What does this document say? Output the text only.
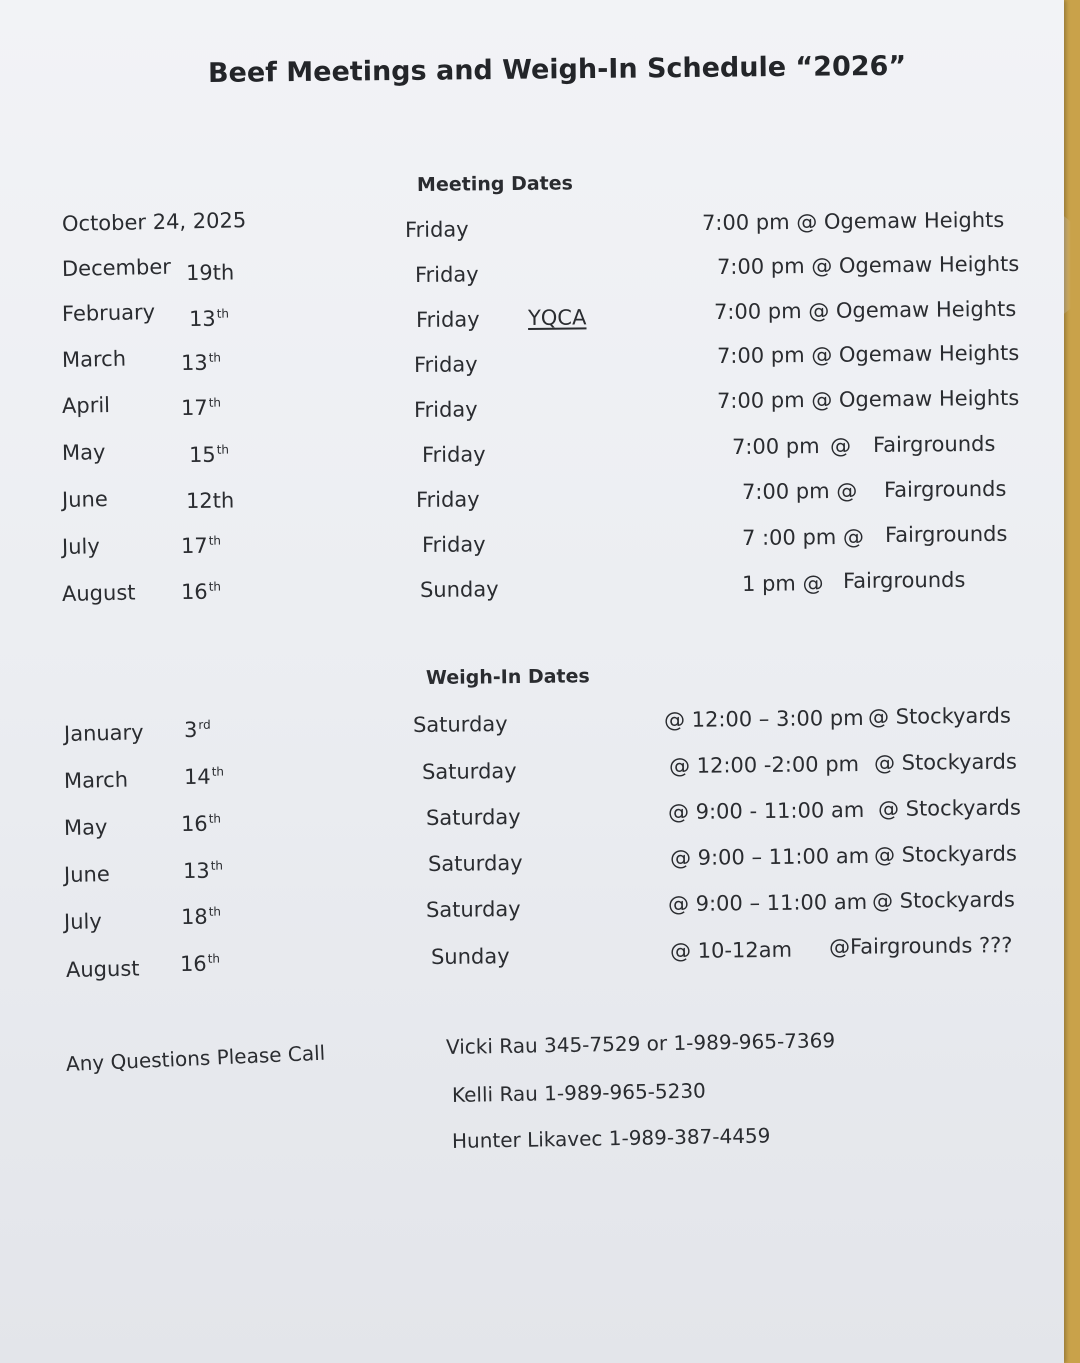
Beef Meetings and Weigh-In Schedule “2026”
Meeting Dates
October 24, 2025	Friday	7:00 pm @ Ogemaw Heights
December 19th	Friday	7:00 pm @ Ogemaw Heights
February 13th	Friday YQCA	7:00 pm @ Ogemaw Heights
March	13th	Friday	7:00 pm @ Ogemaw Heights
April	17th	Friday	7:00 pm @ Ogemaw Heights
May	15th	Friday	7:00 pm @ Fairgrounds
June	12th	Friday	7:00 pm @ Fairgrounds
July	17th	Friday	7 :00 pm @ Fairgrounds
August 16th	Sunday	1 pm @ Fairgrounds
Weigh-In Dates
January 3rd	Saturday	@ 12:00 – 3:00 pm @ Stockyards
March	14th	Saturday	@ 12:00 -2:00 pm @ Stockyards
May	16th	Saturday	@ 9:00 - 11:00 am @ Stockyards
June	13th	Saturday	@ 9:00 – 11:00 am @ Stockyards
July	18th	Saturday	@ 9:00 – 11:00 am @ Stockyards
August 16th	Sunday	@ 10-12am @Fairgrounds ???
Any Questions Please Call	Vicki Rau 345-7529 or 1-989-965-7369
Kelli Rau 1-989-965-5230
Hunter Likavec 1-989-387-4459
